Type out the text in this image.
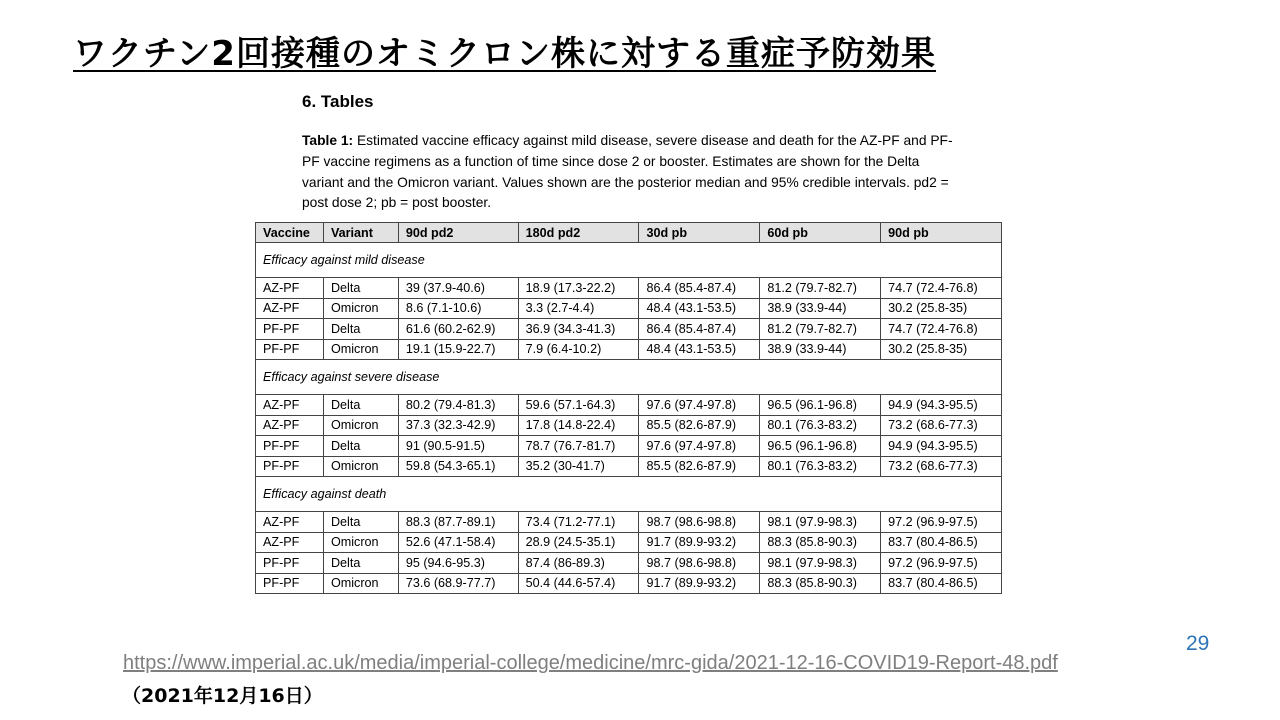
ワクチン2回接種のオミクロン株に対する重症予防効果
6. Tables
Table 1: Estimated vaccine efficacy against mild disease, severe disease and death for the AZ-PF and PF-PF vaccine regimens as a function of time since dose 2 or booster. Estimates are shown for the Delta variant and the Omicron variant. Values shown are the posterior median and 95% credible intervals. pd2 = post dose 2; pb = post booster.
Vaccine	Variant	90d pd2	180d pd2	30d pb	60d pb	90d pb
Efficacy against mild disease						
AZ-PF	Delta	39 (37.9-40.6)	18.9 (17.3-22.2)	86.4 (85.4-87.4)	81.2 (79.7-82.7)	74.7 (72.4-76.8)
AZ-PF	Omicron	8.6 (7.1-10.6)	3.3 (2.7-4.4)	48.4 (43.1-53.5)	38.9 (33.9-44)	30.2 (25.8-35)
PF-PF	Delta	61.6 (60.2-62.9)	36.9 (34.3-41.3)	86.4 (85.4-87.4)	81.2 (79.7-82.7)	74.7 (72.4-76.8)
PF-PF	Omicron	19.1 (15.9-22.7)	7.9 (6.4-10.2)	48.4 (43.1-53.5)	38.9 (33.9-44)	30.2 (25.8-35)
Efficacy against severe disease						
AZ-PF	Delta	80.2 (79.4-81.3)	59.6 (57.1-64.3)	97.6 (97.4-97.8)	96.5 (96.1-96.8)	94.9 (94.3-95.5)
AZ-PF	Omicron	37.3 (32.3-42.9)	17.8 (14.8-22.4)	85.5 (82.6-87.9)	80.1 (76.3-83.2)	73.2 (68.6-77.3)
PF-PF	Delta	91 (90.5-91.5)	78.7 (76.7-81.7)	97.6 (97.4-97.8)	96.5 (96.1-96.8)	94.9 (94.3-95.5)
PF-PF	Omicron	59.8 (54.3-65.1)	35.2 (30-41.7)	85.5 (82.6-87.9)	80.1 (76.3-83.2)	73.2 (68.6-77.3)
Efficacy against death						
AZ-PF	Delta	88.3 (87.7-89.1)	73.4 (71.2-77.1)	98.7 (98.6-98.8)	98.1 (97.9-98.3)	97.2 (96.9-97.5)
AZ-PF	Omicron	52.6 (47.1-58.4)	28.9 (24.5-35.1)	91.7 (89.9-93.2)	88.3 (85.8-90.3)	83.7 (80.4-86.5)
PF-PF	Delta	95 (94.6-95.3)	87.4 (86-89.3)	98.7 (98.6-98.8)	98.1 (97.9-98.3)	97.2 (96.9-97.5)
PF-PF	Omicron	73.6 (68.9-77.7)	50.4 (44.6-57.4)	91.7 (89.9-93.2)	88.3 (85.8-90.3)	83.7 (80.4-86.5)
29
https://www.imperial.ac.uk/media/imperial-college/medicine/mrc-gida/2021-12-16-COVID19-Report-48.pdf
（2021年12月16日）
